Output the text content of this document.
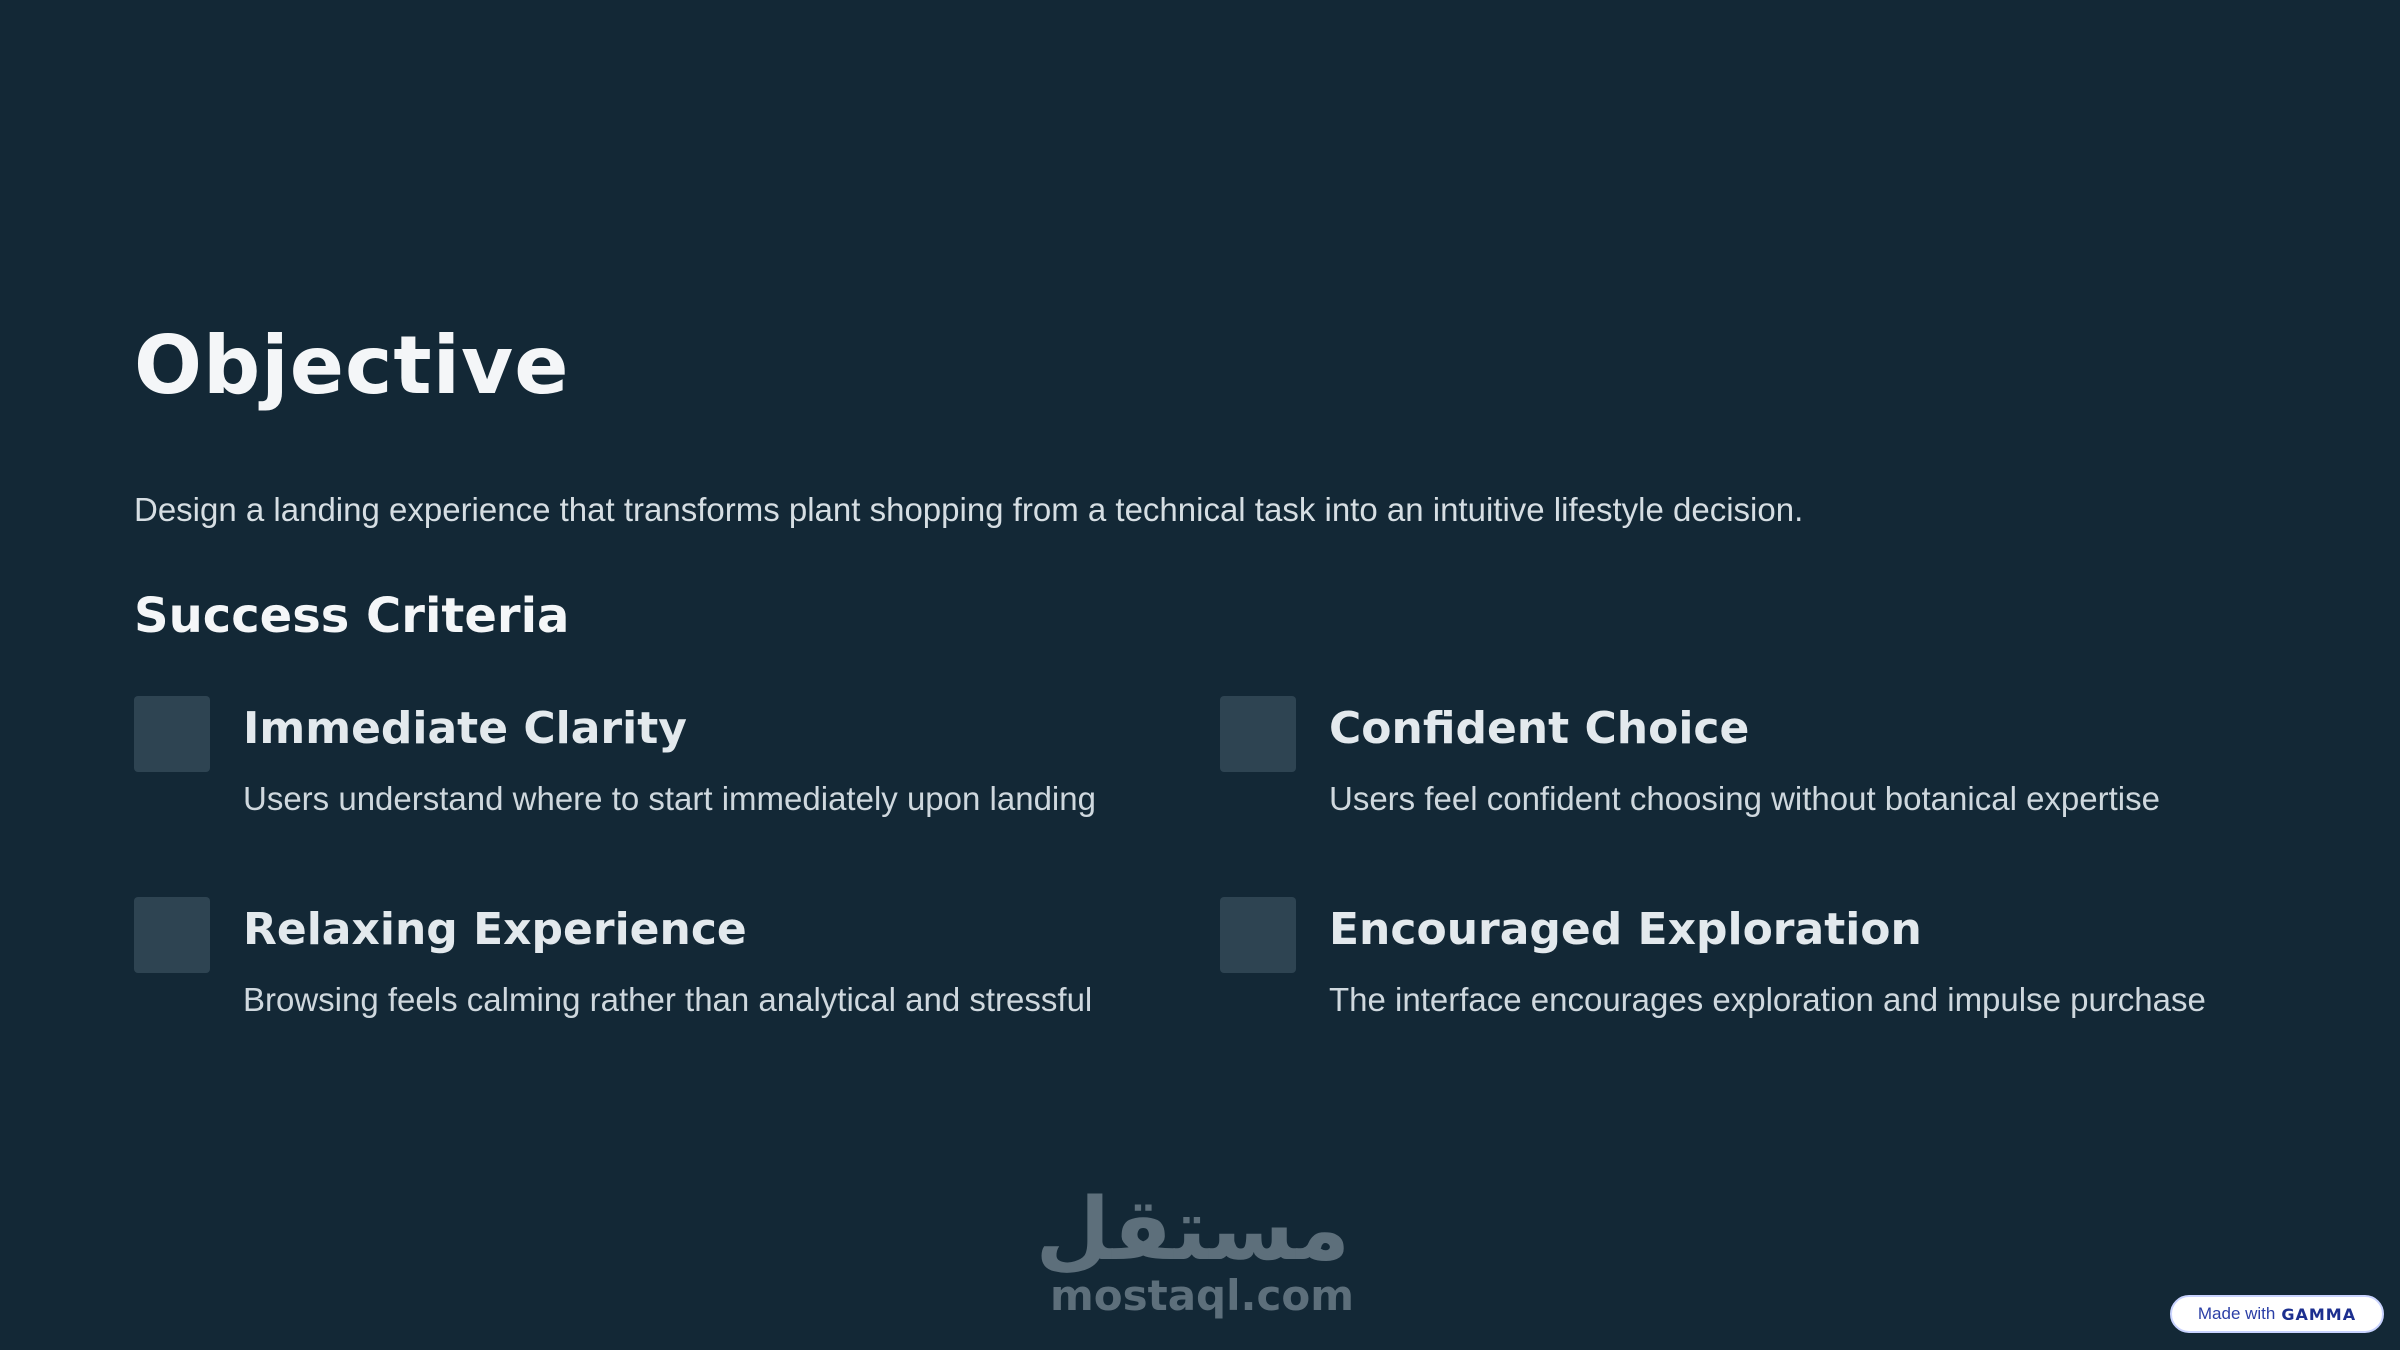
Objective

Design a landing experience that transforms plant shopping from a technical task into an intuitive lifestyle decision.

Success Criteria
Immediate Clarity

Users understand where to start immediately upon landing

Confident Choice

Users feel confident choosing without botanical expertise

Relaxing Experience

Browsing feels calming rather than analytical and stressful

Encouraged Exploration

The interface encourages exploration and impulse purchase

مستقل
mostaql.com	Made with GAMMA
